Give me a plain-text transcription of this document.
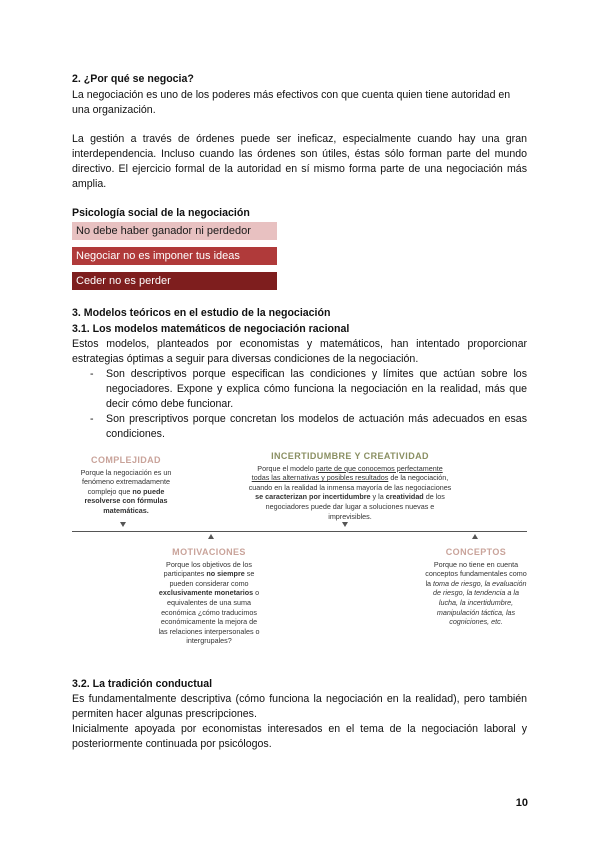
2. ¿Por qué se negocia?

La negociación es uno de los poderes más efectivos con que cuenta quien tiene autoridad en una organización.

La gestión a través de órdenes puede ser ineficaz, especialmente cuando hay una gran interdependencia. Incluso cuando las órdenes son útiles, éstas sólo forman parte del mundo directivo. El ejercicio formal de la autoridad en sí mismo forma parte de una negociación más amplia.

Psicología social de la negociación
No debe haber ganador ni perdedor
Negociar no es imponer tus ideas
Ceder no es perder
3. Modelos teóricos en el estudio de la negociación
3.1. Los modelos matemáticos de negociación racional

Estos modelos, planteados por economistas y matemáticos, han intentado proporcionar estrategias óptimas a seguir para diversas condiciones de la negociación.

- Son descriptivos porque especifican las condiciones y límites que actúan sobre los negociadores. Expone y explica cómo funciona la negociación en la realidad, más que decir cómo debe funcionar.
- Son prescriptivos porque concretan los modelos de actuación más adecuados en esas condiciones.
COMPLEJIDAD
Porque la negociación es un fenómeno extremadamente complejo que no puede resolverse con fórmulas matemáticas.
INCERTIDUMBRE Y CREATIVIDAD
Porque el modelo parte de que conocemos perfectamente todas las alternativas y posibles resultados de la negociación, cuando en la realidad la inmensa mayoría de las negociaciones se caracterizan por incertidumbre y la creatividad de los negociadores puede dar lugar a soluciones nuevas e imprevisibles.
MOTIVACIONES
Porque los objetivos de los participantes no siempre se pueden considerar como exclusivamente monetarios o equivalentes de una suma económica ¿cómo traducimos económicamente la mejora de las relaciones interpersonales o intergrupales?
CONCEPTOS
Porque no tiene en cuenta conceptos fundamentales como la toma de riesgo, la evaluación de riesgo, la tendencia a la lucha, la incertidumbre, manipulación táctica, las cogniciones, etc.
3.2. La tradición conductual

Es fundamentalmente descriptiva (cómo funciona la negociación en la realidad), pero también permiten hacer algunas prescripciones.

Inicialmente apoyada por economistas interesados en el tema de la negociación laboral y posteriormente continuada por psicólogos.

10
